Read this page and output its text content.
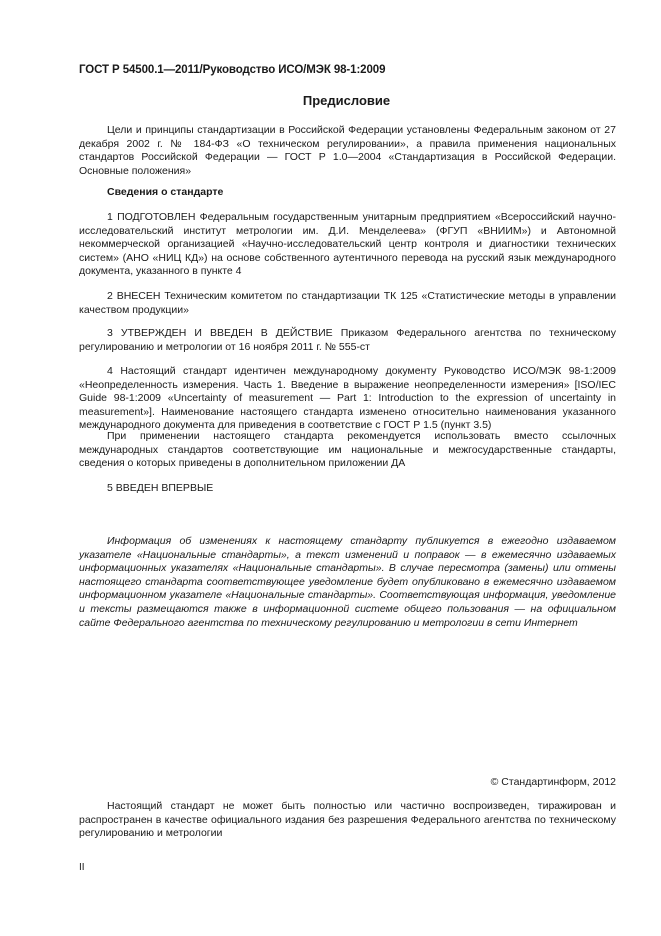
ГОСТ Р 54500.1—2011/Руководство ИСО/МЭК 98-1:2009
Предисловие

Цели и принципы стандартизации в Российской Федерации установлены Федеральным законом от 27 декабря 2002 г. № 184-ФЗ «О техническом регулировании», а правила применения национальных стандартов Российской Федерации — ГОСТ Р 1.0—2004 «Стандартизация в Российской Федерации. Основные положения»

Сведения о стандарте

1 ПОДГОТОВЛЕН Федеральным государственным унитарным предприятием «Всероссийский научно-исследовательский институт метрологии им. Д.И. Менделеева» (ФГУП «ВНИИМ») и Автономной некоммерческой организацией «Научно-исследовательский центр контроля и диагностики технических систем» (АНО «НИЦ КД») на основе собственного аутентичного перевода на русский язык международного документа, указанного в пункте 4

2 ВНЕСЕН Техническим комитетом по стандартизации ТК 125 «Статистические методы в управлении качеством продукции»

3 УТВЕРЖДЕН И ВВЕДЕН В ДЕЙСТВИЕ Приказом Федерального агентства по техническому регулированию и метрологии от 16 ноября 2011 г. № 555-ст

4 Настоящий стандарт идентичен международному документу Руководство ИСО/МЭК 98-1:2009 «Неопределенность измерения. Часть 1. Введение в выражение неопределенности измерения» [ISO/IEC Guide 98-1:2009 «Uncertainty of measurement — Part 1: Introduction to the expression of uncertainty in measurement»]. Наименование настоящего стандарта изменено относительно наименования указанного международного документа для приведения в соответствие с ГОСТ Р 1.5 (пункт 3.5)

При применении настоящего стандарта рекомендуется использовать вместо ссылочных международных стандартов соответствующие им национальные и межгосударственные стандарты, сведения о которых приведены в дополнительном приложении ДА

5 ВВЕДЕН ВПЕРВЫЕ

Информация об изменениях к настоящему стандарту публикуется в ежегодно издаваемом указателе «Национальные стандарты», а текст изменений и поправок — в ежемесячно издаваемых информационных указателях «Национальные стандарты». В случае пересмотра (замены) или отмены настоящего стандарта соответствующее уведомление будет опубликовано в ежемесячно издаваемом информационном указателе «Национальные стандарты». Соответствующая информация, уведомление и тексты размещаются также в информационной системе общего пользования — на официальном сайте Федерального агентства по техническому регулированию и метрологии в сети Интернет

© Стандартинформ, 2012

Настоящий стандарт не может быть полностью или частично воспроизведен, тиражирован и распространен в качестве официального издания без разрешения Федерального агентства по техническому регулированию и метрологии

II
